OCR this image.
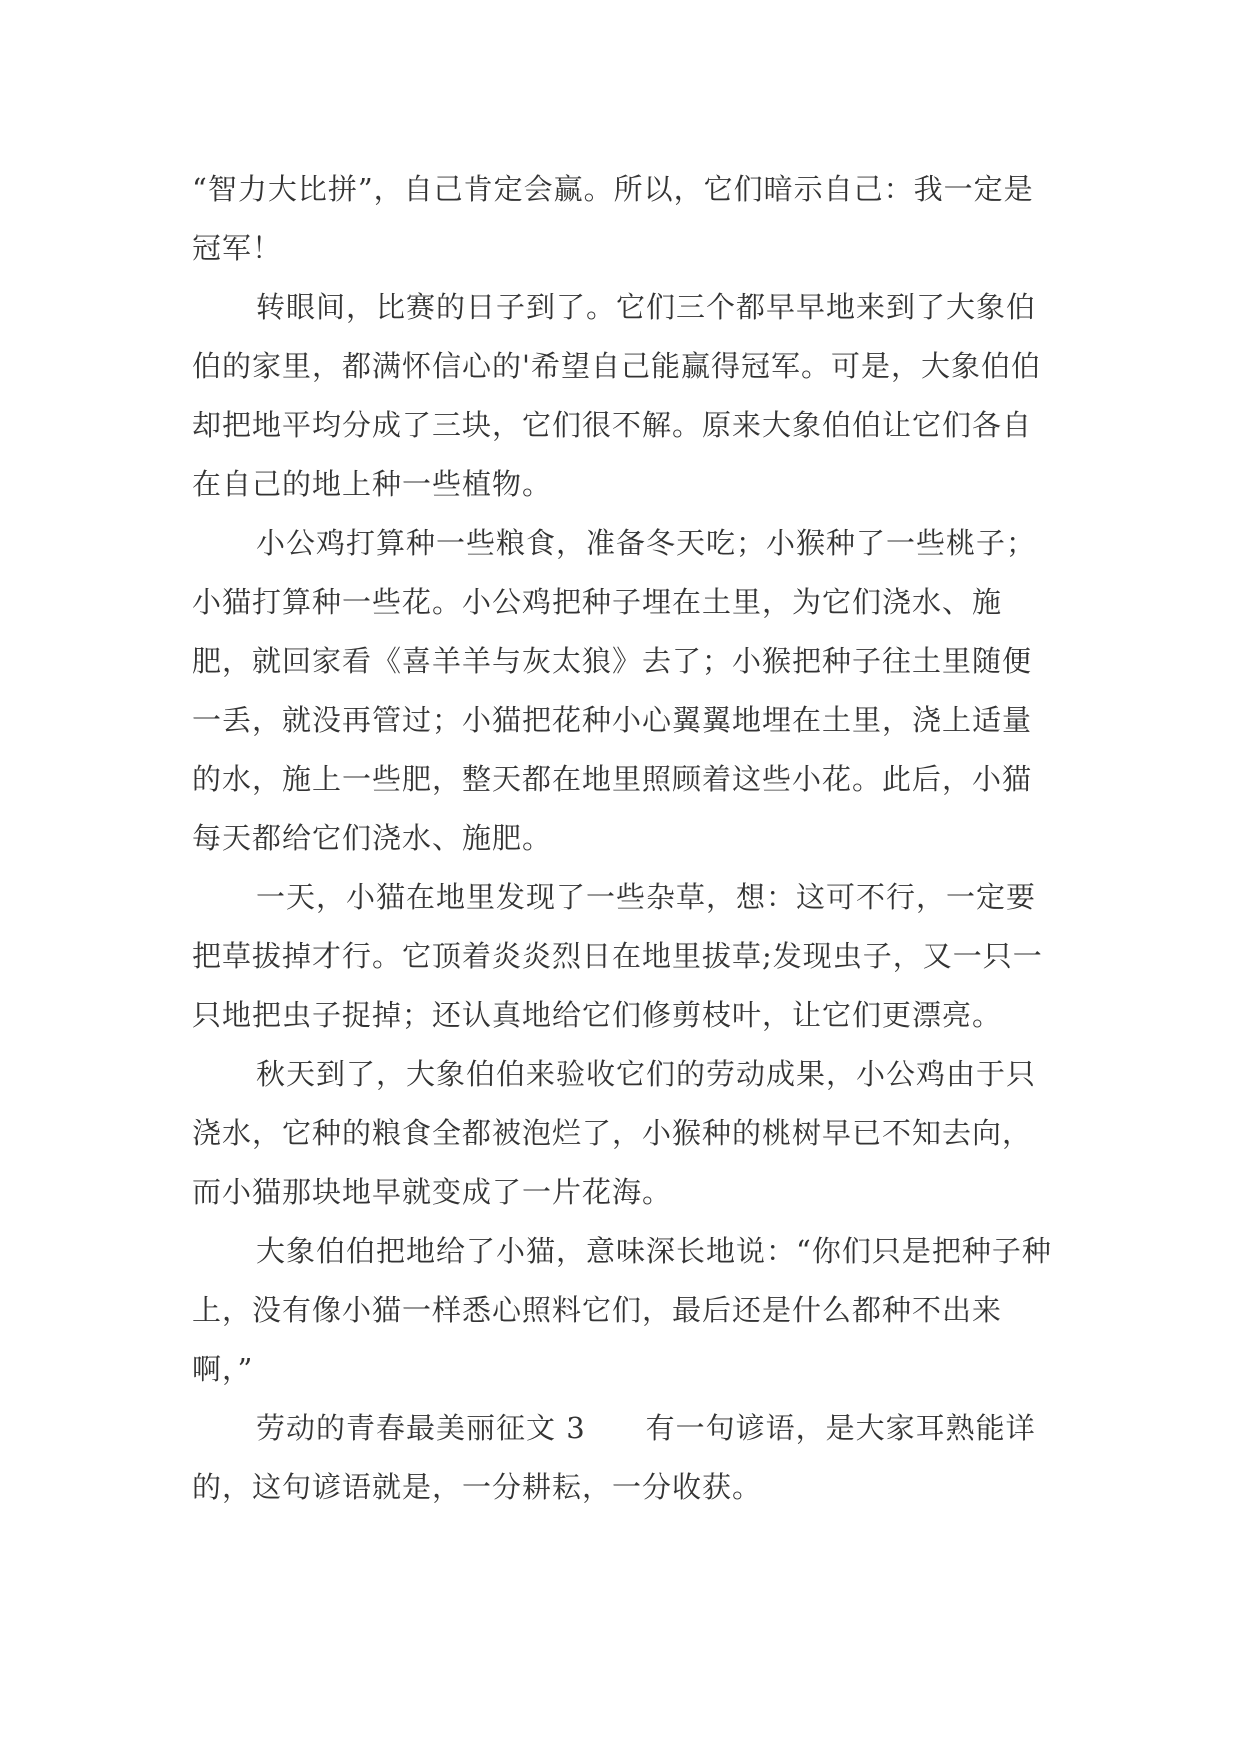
“智力大比拼”，自己肯定会赢。所以，它们暗示自己：我一定是冠军！

转眼间，比赛的日子到了。它们三个都早早地来到了大象伯伯的家里，都满怀信心的'希望自己能赢得冠军。可是，大象伯伯却把地平均分成了三块，它们很不解。原来大象伯伯让它们各自在自己的地上种一些植物。

小公鸡打算种一些粮食，准备冬天吃；小猴种了一些桃子；小猫打算种一些花。小公鸡把种子埋在土里，为它们浇水、施肥，就回家看《喜羊羊与灰太狼》去了；小猴把种子往土里随便一丢，就没再管过；小猫把花种小心翼翼地埋在土里，浇上适量的水，施上一些肥，整天都在地里照顾着这些小花。此后，小猫每天都给它们浇水、施肥。

一天，小猫在地里发现了一些杂草，想：这可不行，一定要把草拔掉才行。它顶着炎炎烈日在地里拔草;发现虫子，又一只一只地把虫子捉掉；还认真地给它们修剪枝叶，让它们更漂亮。

秋天到了，大象伯伯来验收它们的劳动成果，小公鸡由于只浇水，它种的粮食全都被泡烂了，小猴种的桃树早已不知去向，而小猫那块地早就变成了一片花海。

大象伯伯把地给了小猫，意味深长地说：“你们只是把种子种上，没有像小猫一样悉心照料它们，最后还是什么都种不出来啊，”

劳动的青春最美丽征文 3 有一句谚语，是大家耳熟能详的，这句谚语就是，一分耕耘，一分收获。
